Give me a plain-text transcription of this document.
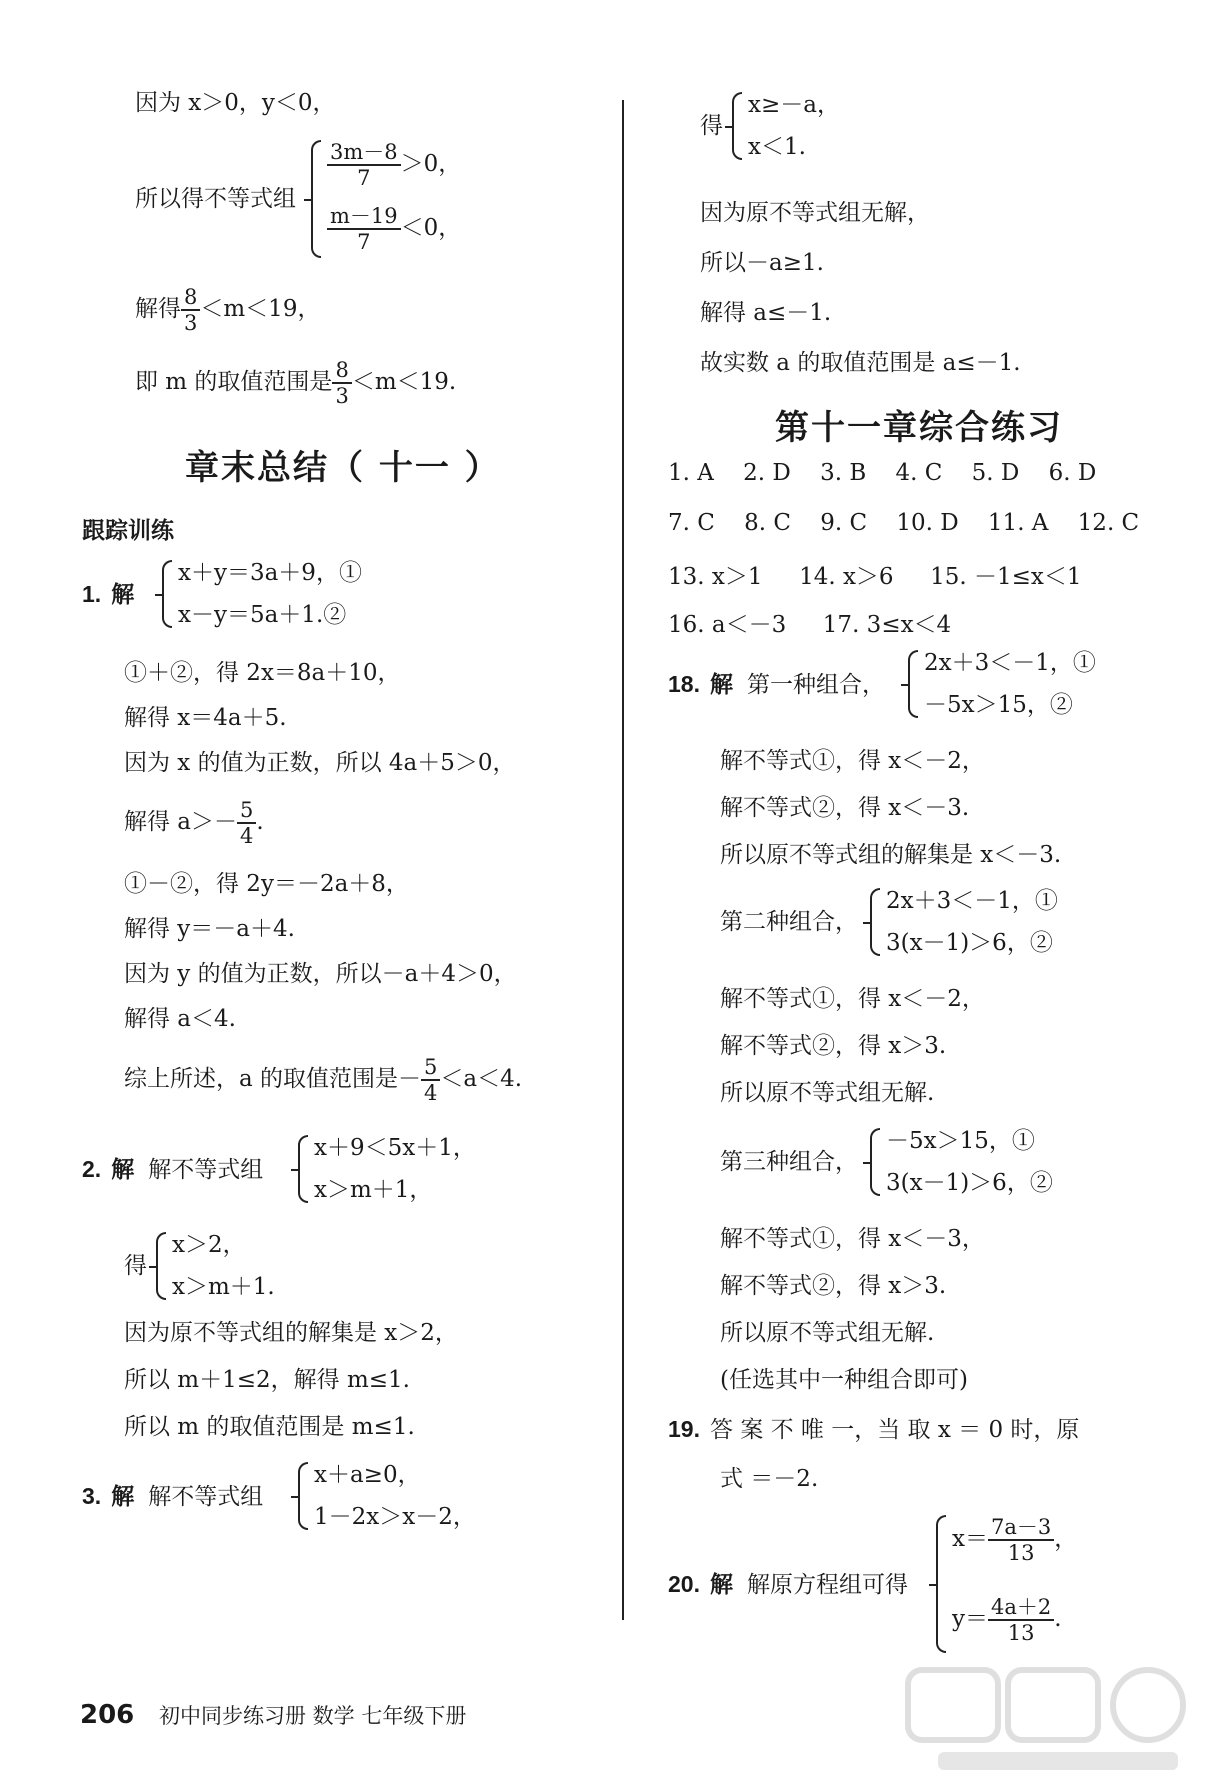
因为 x＞0，y＜0，
所以得不等式组
$\frac{3m-8}{7} >0$，
$\frac{m-19}{7} <0$，
解得 $\frac{8}{3} <m<19$，
即 m 的取值范围是 $\frac{8}{3} <m<19$.
章末总结（ 十一 ）
跟踪训练
1. 解
x＋y＝3a＋9，①
x－y＝5a＋1.②
①＋②，得 2x＝8a＋10，
解得 x＝4a＋5.
因为 x 的值为正数，所以 4a＋5＞0，
解得 $a>- \frac{5}{4}$ .
①－②，得 2y＝－2a＋8，
解得 y＝－a＋4.
因为 y 的值为正数，所以－a＋4＞0，
解得 a＜4.
综上所述，a 的取值范围是－ $\frac{5}{4} <a<4$.
2. 解 解不等式组
x＋9＜5x＋1，
x＞m＋1，
得
x＞2，
x＞m＋1.
因为原不等式组的解集是 x＞2，
所以 m＋1≤2，解得 m≤1.
所以 m 的取值范围是 m≤1.
3. 解 解不等式组
x＋a≥0，
1－2x＞x－2，
得
x≥－a，
x＜1.
因为原不等式组无解，
所以－a≥1.
解得 a≤－1.
故实数 a 的取值范围是 a≤－1.
第十一章综合练习
1. A 2. D 3. B 4. C 5. D 6. D
7. C 8. C 9. C 10. D 11. A 12. C
13. x＞1 14. x＞6 15. －1≤x＜1
16. a＜－3 17. 3≤x＜4
18. 解 第一种组合，
2x＋3＜－1，①
－5x＞15，②
解不等式①，得 x＜－2，
解不等式②，得 x＜－3.
所以原不等式组的解集是 x＜－3.
第二种组合，
2x＋3＜－1，①
3(x－1)＞6，②
解不等式①，得 x＜－2，
解不等式②，得 x＞3.
所以原不等式组无解.
第三种组合，
－5x＞15，①
3(x－1)＞6，②
解不等式①，得 x＜－3，
解不等式②，得 x＞3.
所以原不等式组无解.
(任选其中一种组合即可)
19. 答 案 不 唯 一，当 取 x ＝ 0 时，原
式 ＝－2.
20. 解 解原方程组可得
$x= \frac{7a-3}{13}$ ，
$y= \frac{4a+2}{13}$ .
206 初中同步练习册 数学 七年级下册
